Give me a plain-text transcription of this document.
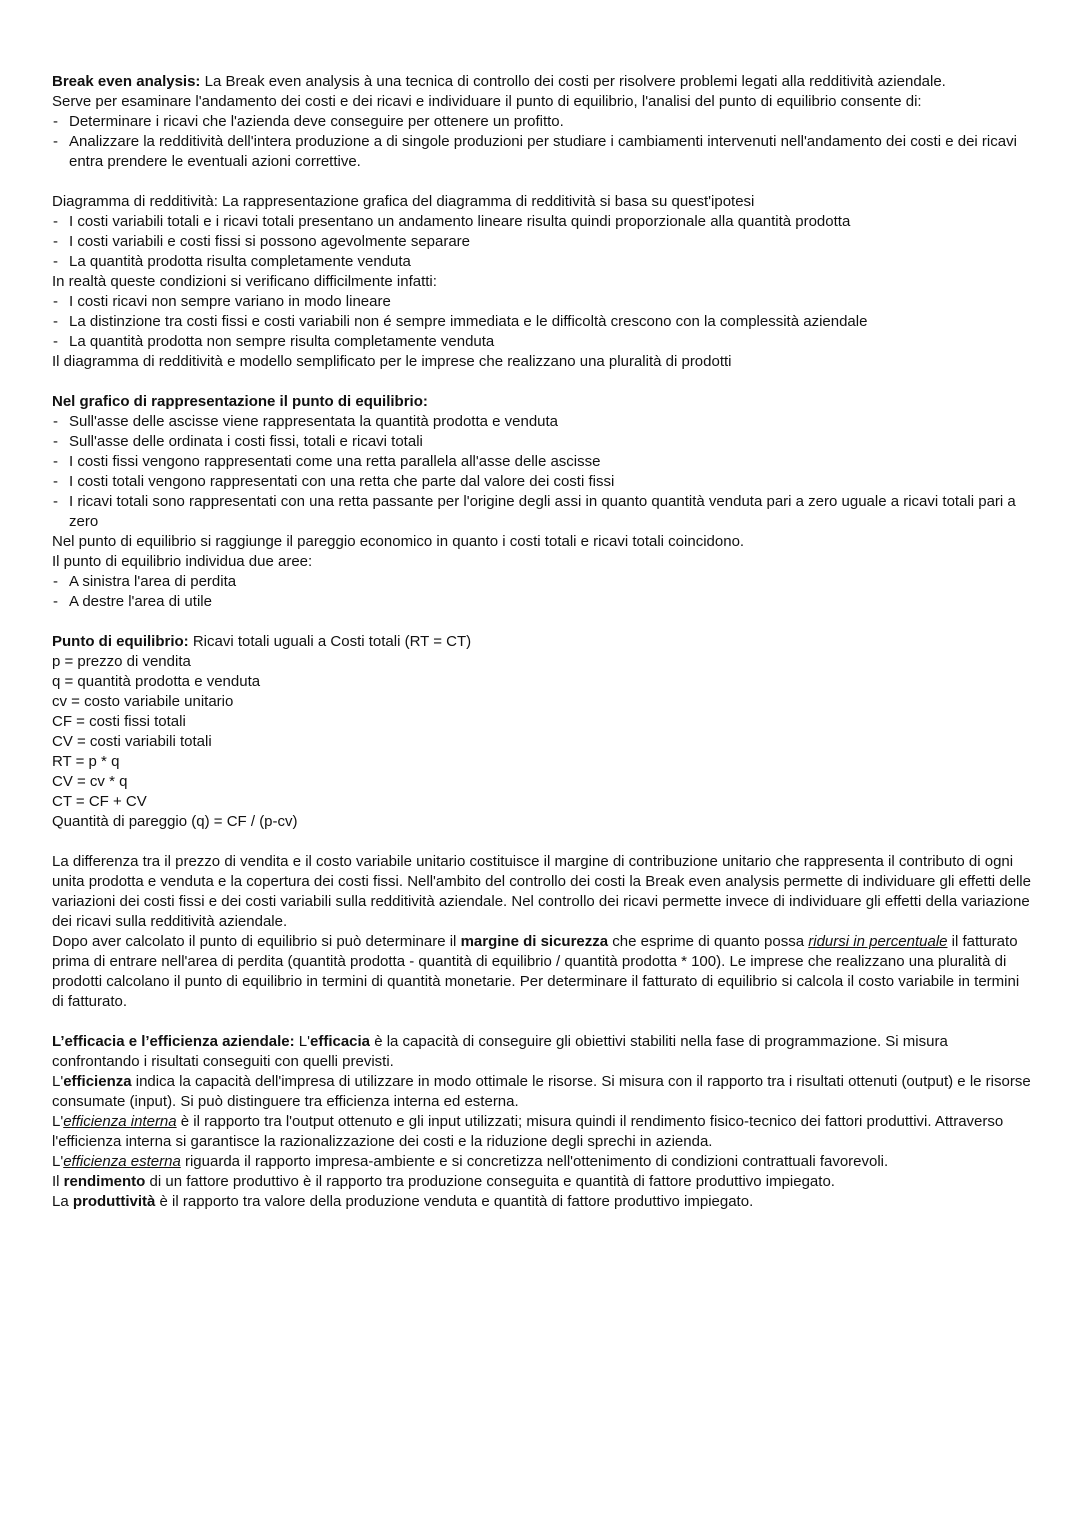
Break even analysis: La Break even analysis à una tecnica di controllo dei costi per risolvere problemi legati alla redditività aziendale.
Serve per esaminare l'andamento dei costi e dei ricavi e individuare il punto di equilibrio, l'analisi del punto di equilibrio consente di:
- Determinare i ricavi che l'azienda deve conseguire per ottenere un profitto.
- Analizzare la redditività dell'intera produzione a di singole produzioni per studiare i cambiamenti intervenuti nell'andamento dei costi e dei ricavi entra prendere le eventuali azioni correttive.
Diagramma di redditività: La rappresentazione grafica del diagramma di redditività si basa su quest'ipotesi
- I costi variabili totali e i ricavi totali presentano un andamento lineare risulta quindi proporzionale alla quantità prodotta
- I costi variabili e costi fissi si possono agevolmente separare
- La quantità prodotta risulta completamente venduta
In realtà queste condizioni si verificano difficilmente infatti:
- I costi ricavi non sempre variano in modo lineare
- La distinzione tra costi fissi e costi variabili non é sempre immediata e le difficoltà crescono con la complessità aziendale
- La quantità prodotta non sempre risulta completamente venduta
Il diagramma di redditività e modello semplificato per le imprese che realizzano una pluralità di prodotti
Nel grafico di rappresentazione il punto di equilibrio:
- Sull'asse delle ascisse viene rappresentata la quantità prodotta e venduta
- Sull'asse delle ordinata i costi fissi, totali e ricavi totali
- I costi fissi vengono rappresentati come una retta parallela all'asse delle ascisse
- I costi totali vengono rappresentati con una retta che parte dal valore dei costi fissi
- I ricavi totali sono rappresentati con una retta passante per l'origine degli assi in quanto quantità venduta pari a zero uguale a ricavi totali pari a zero
Nel punto di equilibrio si raggiunge il pareggio economico in quanto i costi totali e ricavi totali coincidono.
Il punto di equilibrio individua due aree:
- A sinistra l'area di perdita
- A destre l'area di utile
Punto di equilibrio: Ricavi totali uguali a Costi totali (RT = CT)
p = prezzo di vendita
q = quantità prodotta e venduta
cv = costo variabile unitario
CF = costi fissi totali
CV = costi variabili totali
RT = p * q
CV = cv * q
CT = CF + CV
Quantità di pareggio (q) = CF / (p-cv)
La differenza tra il prezzo di vendita e il costo variabile unitario costituisce il margine di contribuzione unitario che rappresenta il contributo di ogni unita prodotta e venduta e la copertura dei costi fissi. Nell'ambito del controllo dei costi la Break even analysis permette di individuare gli effetti delle variazioni dei costi fissi e dei costi variabili sulla redditività aziendale. Nel controllo dei ricavi permette invece di individuare gli effetti della variazione dei ricavi sulla redditività aziendale.
Dopo aver calcolato il punto di equilibrio si può determinare il margine di sicurezza che esprime di quanto possa ridursi in percentuale il fatturato prima di entrare nell'area di perdita (quantità prodotta - quantità di equilibrio / quantità prodotta * 100). Le imprese che realizzano una pluralità di prodotti calcolano il punto di equilibrio in termini di quantità monetarie. Per determinare il fatturato di equilibrio si calcola il costo variabile in termini di fatturato.
L’efficacia e l’efficienza aziendale: L'efficacia è la capacità di conseguire gli obiettivi stabiliti nella fase di programmazione. Si misura confrontando i risultati conseguiti con quelli previsti.
L'efficienza indica la capacità dell'impresa di utilizzare in modo ottimale le risorse. Si misura con il rapporto tra i risultati ottenuti (output) e le risorse consumate (input). Si può distinguere tra efficienza interna ed esterna.
L'efficienza interna è il rapporto tra l'output ottenuto e gli input utilizzati; misura quindi il rendimento fisico-tecnico dei fattori produttivi. Attraverso l'efficienza interna si garantisce la razionalizzazione dei costi e la riduzione degli sprechi in azienda.
L'efficienza esterna riguarda il rapporto impresa-ambiente e si concretizza nell'ottenimento di condizioni contrattuali favorevoli.
Il rendimento di un fattore produttivo è il rapporto tra produzione conseguita e quantità di fattore produttivo impiegato.
La produttività è il rapporto tra valore della produzione venduta e quantità di fattore produttivo impiegato.
